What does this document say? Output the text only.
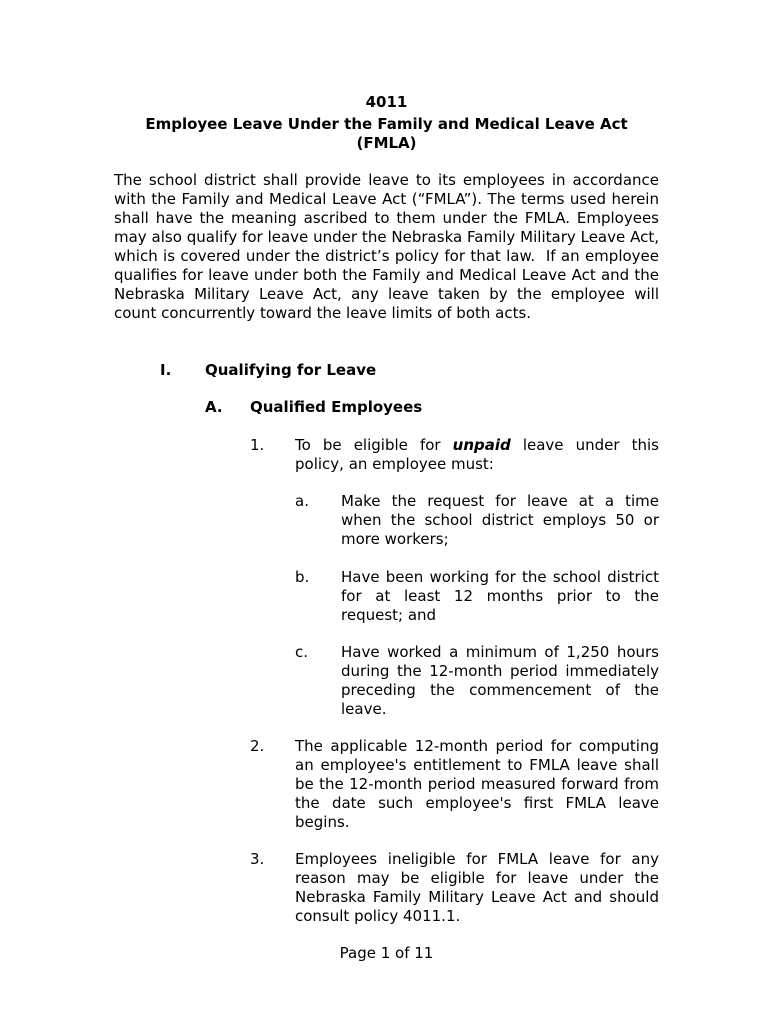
4011
Employee Leave Under the Family and Medical Leave Act
(FMLA)
The school district shall provide leave to its employees in accordance with the Family and Medical Leave Act (“FMLA”). The terms used herein shall have the meaning ascribed to them under the FMLA. Employees may also qualify for leave under the Nebraska Family Military Leave Act, which is covered under the district’s policy for that law.  If an employee qualifies for leave under both the Family and Medical Leave Act and the Nebraska Military Leave Act, any leave taken by the employee will count concurrently toward the leave limits of both acts.
I. Qualifying for Leave
A. Qualified Employees
1. To be eligible for unpaid leave under this policy, an employee must:
a. Make the request for leave at a time when the school district employs 50 or more workers;
b. Have been working for the school district for at least 12 months prior to the request; and
c. Have worked a minimum of 1,250 hours during the 12-month period immediately preceding the commencement of the leave.
2. The applicable 12-month period for computing an employee's entitlement to FMLA leave shall be the 12-month period measured forward from the date such employee's first FMLA leave begins.
3. Employees ineligible for FMLA leave for any reason may be eligible for leave under the Nebraska Family Military Leave Act and should consult policy 4011.1.
Page 1 of 11
